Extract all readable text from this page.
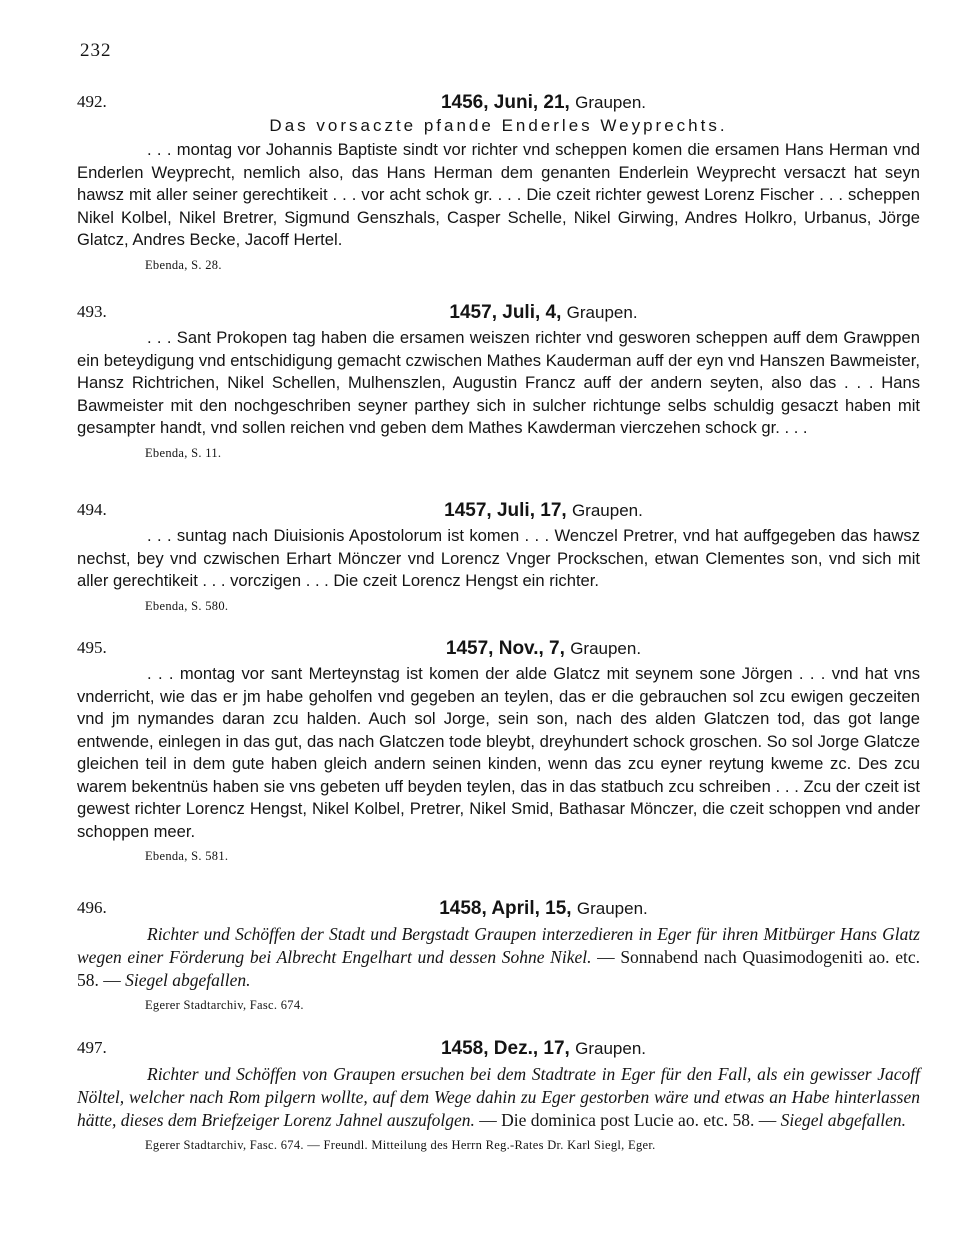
232
492.	1456, Juni, 21, Graupen.
Das vorsaczte pfande Enderles Weyprechts.
. . . montag vor Johannis Baptiste sindt vor richter vnd scheppen komen die ersamen Hans Herman vnd Enderlen Weyprecht, nemlich also, das Hans Herman dem genanten Enderlein Weyprecht versaczt hat seyn hawsz mit aller seiner gerechtikeit . . . vor acht schok gr. . . . Die czeit richter gewest Lorenz Fischer . . . scheppen Nikel Kolbel, Nikel Bretrer, Sigmund Genszhals, Casper Schelle, Nikel Girwing, Andres Holkro, Urbanus, Jörge Glatcz, Andres Becke, Jacoff Hertel.
Ebenda, S. 28.
493.	1457, Juli, 4, Graupen.
. . . Sant Prokopen tag haben die ersamen weiszen richter vnd gesworen scheppen auff dem Grawppen ein beteydigung vnd entschidigung gemacht czwischen Mathes Kauderman auff der eyn vnd Hanszen Bawmeister, Hansz Richtrichen, Nikel Schellen, Mulhenszlen, Augustin Francz auff der andern seyten, also das . . . Hans Bawmeister mit den nochgeschriben seyner parthey sich in sulcher richtunge selbs schuldig gesaczt haben mit gesampter handt, vnd sollen reichen vnd geben dem Mathes Kawderman vierczehen schock gr. . . .
Ebenda, S. 11.
494.	1457, Juli, 17, Graupen.
. . . suntag nach Diuisionis Apostolorum ist komen . . . Wenczel Pretrer, vnd hat auffgegeben das hawsz nechst, bey vnd czwischen Erhart Mönczer vnd Lorencz Vnger Prockschen, etwan Clementes son, vnd sich mit aller gerechtikeit . . . vorczigen . . . Die czeit Lorencz Hengst ein richter.
Ebenda, S. 580.
495.	1457, Nov., 7, Graupen.
. . . montag vor sant Merteynstag ist komen der alde Glatcz mit seynem sone Jörgen . . . vnd hat vns vnderricht, wie das er jm habe geholfen vnd gegeben an teylen, das er die gebrauchen sol zcu ewigen geczeiten vnd jm nymandes daran zcu halden. Auch sol Jorge, sein son, nach des alden Glatczen tod, das got lange entwende, einlegen in das gut, das nach Glatczen tode bleybt, dreyhundert schock groschen. So sol Jorge Glatcze gleichen teil in dem gute haben gleich andern seinen kinden, wenn das zcu eyner reytung kweme zc. Des zcu warem bekentnüs haben sie vns gebeten uff beyden teylen, das in das statbuch zcu schreiben . . . Zcu der czeit ist gewest richter Lorencz Hengst, Nikel Kolbel, Pretrer, Nikel Smid, Bathasar Mönczer, die czeit schoppen vnd ander schoppen meer.
Ebenda, S. 581.
496.	1458, April, 15, Graupen.
Richter und Schöffen der Stadt und Bergstadt Graupen interzedieren in Eger für ihren Mitbürger Hans Glatz wegen einer Förderung bei Albrecht Engelhart und dessen Sohne Nikel. — Sonnabend nach Quasimodogeniti ao. etc. 58. — Siegel abgefallen.
Egerer Stadtarchiv, Fasc. 674.
497.	1458, Dez., 17, Graupen.
Richter und Schöffen von Graupen ersuchen bei dem Stadtrate in Eger für den Fall, als ein gewisser Jacoff Nöltel, welcher nach Rom pilgern wollte, auf dem Wege dahin zu Eger gestorben wäre und etwas an Habe hinterlassen hätte, dieses dem Briefzeiger Lorenz Jahnel auszufolgen. — Die dominica post Lucie ao. etc. 58. — Siegel abgefallen.
Egerer Stadtarchiv, Fasc. 674. — Freundl. Mitteilung des Herrn Reg.-Rates Dr. Karl Siegl, Eger.
